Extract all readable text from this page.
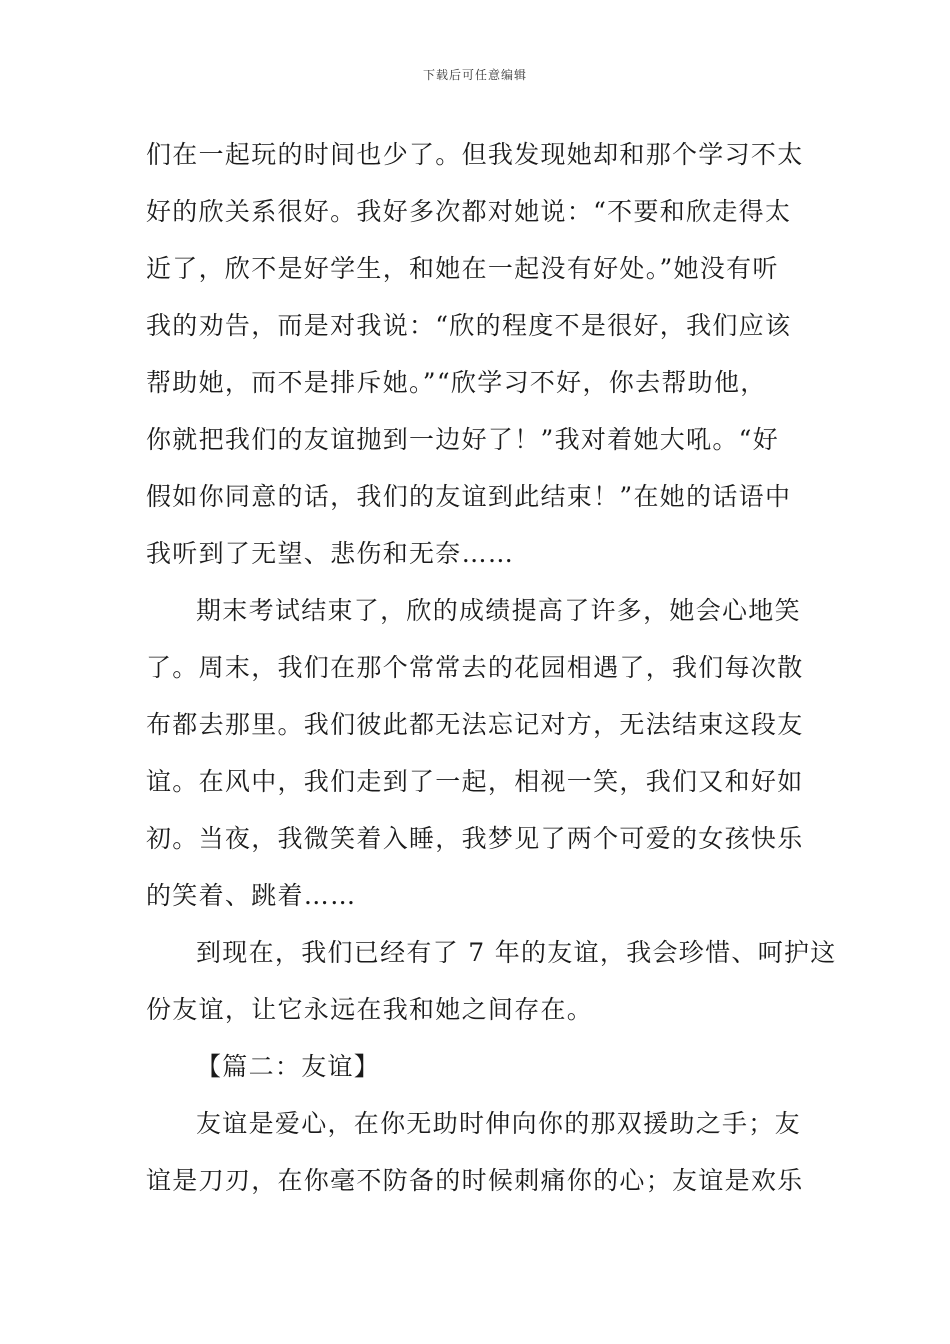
下载后可任意编辑
们在一起玩的时间也少了。但我发现她却和那个学习不太
好的欣关系很好。我好多次都对她说：“不要和欣走得太
近了，欣不是好学生，和她在一起没有好处。”她没有听
我的劝告，而是对我说：“欣的程度不是很好，我们应该
帮助她，而不是排斥她。”“欣学习不好，你去帮助他，
你就把我们的友谊抛到一边好了！”我对着她大吼。“好
假如你同意的话，我们的友谊到此结束！”在她的话语中
我听到了无望、悲伤和无奈……
期末考试结束了，欣的成绩提高了许多，她会心地笑
了。周末，我们在那个常常去的花园相遇了，我们每次散
布都去那里。我们彼此都无法忘记对方，无法结束这段友
谊。在风中，我们走到了一起，相视一笑，我们又和好如
初。当夜，我微笑着入睡，我梦见了两个可爱的女孩快乐
的笑着、跳着……
到现在，我们已经有了 7 年的友谊，我会珍惜、呵护这
份友谊，让它永远在我和她之间存在。
【篇二：友谊】
友谊是爱心，在你无助时伸向你的那双援助之手；友
谊是刀刃，在你毫不防备的时候刺痛你的心；友谊是欢乐
